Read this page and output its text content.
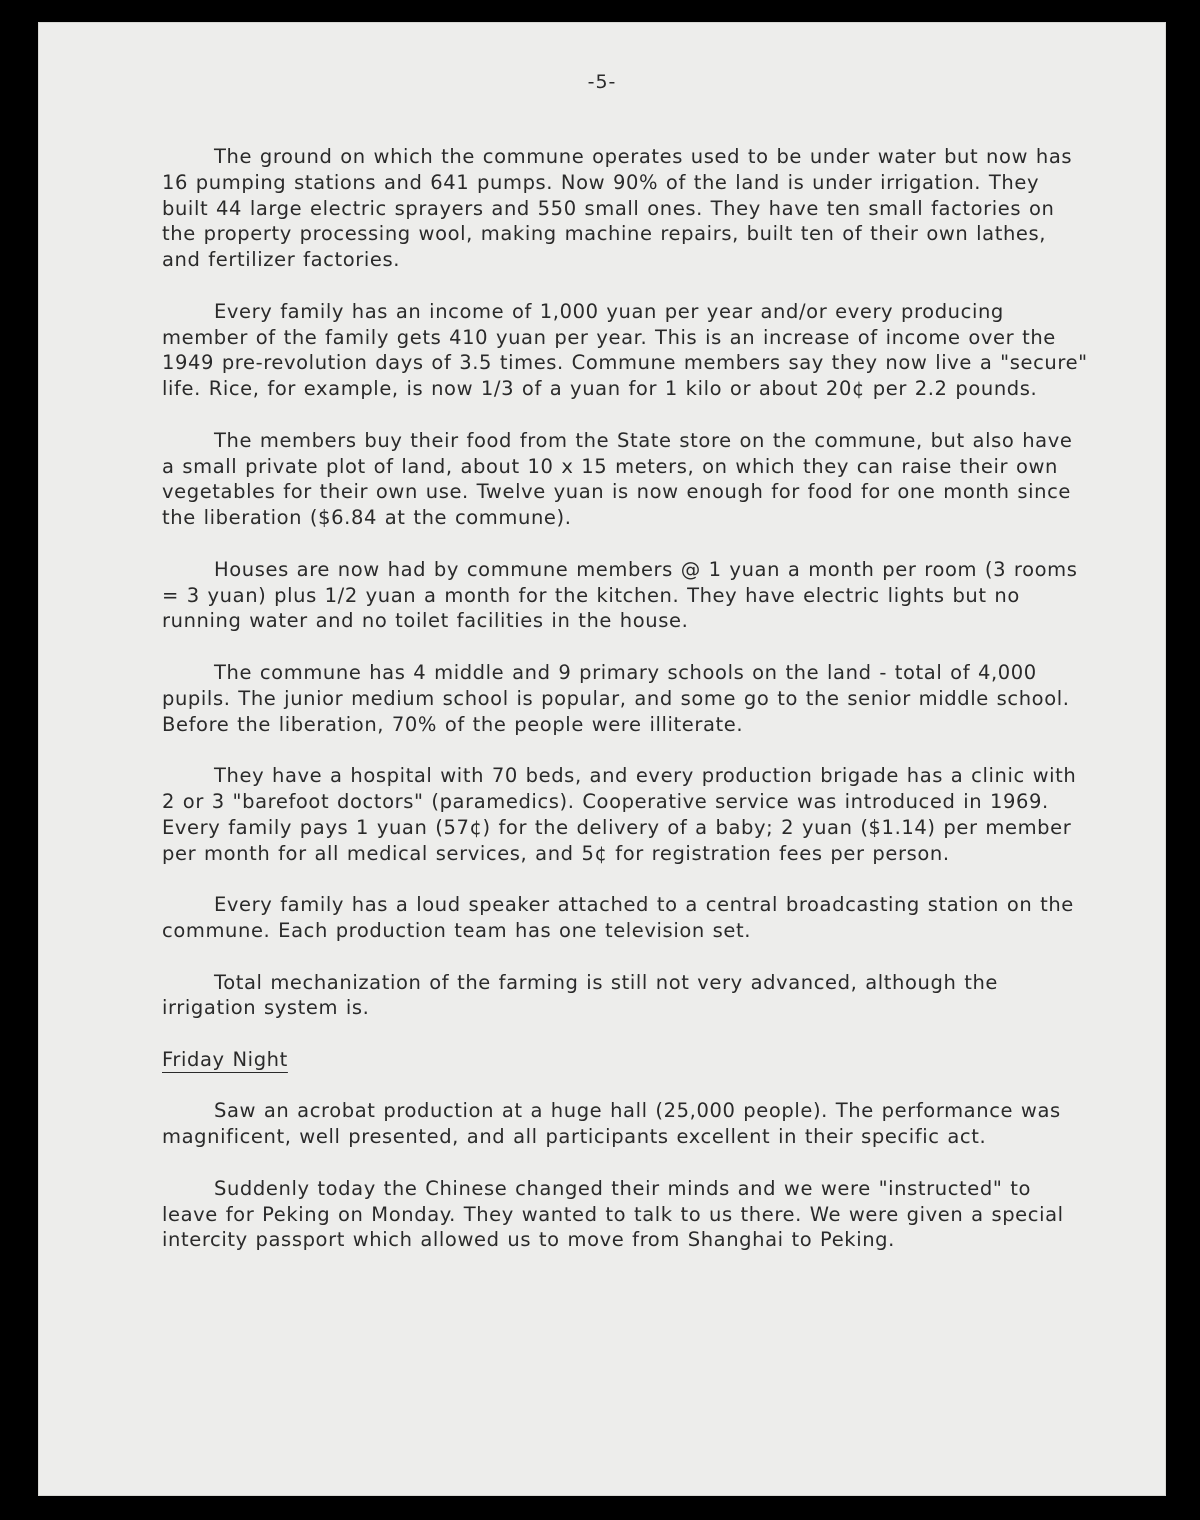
-5-

The ground on which the commune operates used to be under water but now has 16 pumping stations and 641 pumps. Now 90% of the land is under irrigation. They built 44 large electric sprayers and 550 small ones. They have ten small factories on the property processing wool, making machine repairs, built ten of their own lathes, and fertilizer factories.

Every family has an income of 1,000 yuan per year and/or every producing member of the family gets 410 yuan per year. This is an increase of income over the 1949 pre-revolution days of 3.5 times. Commune members say they now live a "secure" life. Rice, for example, is now 1/3 of a yuan for 1 kilo or about 20¢ per 2.2 pounds.

The members buy their food from the State store on the commune, but also have a small private plot of land, about 10 x 15 meters, on which they can raise their own vegetables for their own use. Twelve yuan is now enough for food for one month since the liberation ($6.84 at the commune).

Houses are now had by commune members @ 1 yuan a month per room (3 rooms = 3 yuan) plus 1/2 yuan a month for the kitchen. They have electric lights but no running water and no toilet facilities in the house.

The commune has 4 middle and 9 primary schools on the land - total of 4,000 pupils. The junior medium school is popular, and some go to the senior middle school. Before the liberation, 70% of the people were illiterate.

They have a hospital with 70 beds, and every production brigade has a clinic with 2 or 3 "barefoot doctors" (paramedics). Cooperative service was introduced in 1969. Every family pays 1 yuan (57¢) for the delivery of a baby; 2 yuan ($1.14) per member per month for all medical services, and 5¢ for registration fees per person.

Every family has a loud speaker attached to a central broadcasting station on the commune. Each production team has one television set.

Total mechanization of the farming is still not very advanced, although the irrigation system is.

Friday Night

Saw an acrobat production at a huge hall (25,000 people). The performance was magnificent, well presented, and all participants excellent in their specific act.

Suddenly today the Chinese changed their minds and we were "instructed" to leave for Peking on Monday. They wanted to talk to us there. We were given a special intercity passport which allowed us to move from Shanghai to Peking.
